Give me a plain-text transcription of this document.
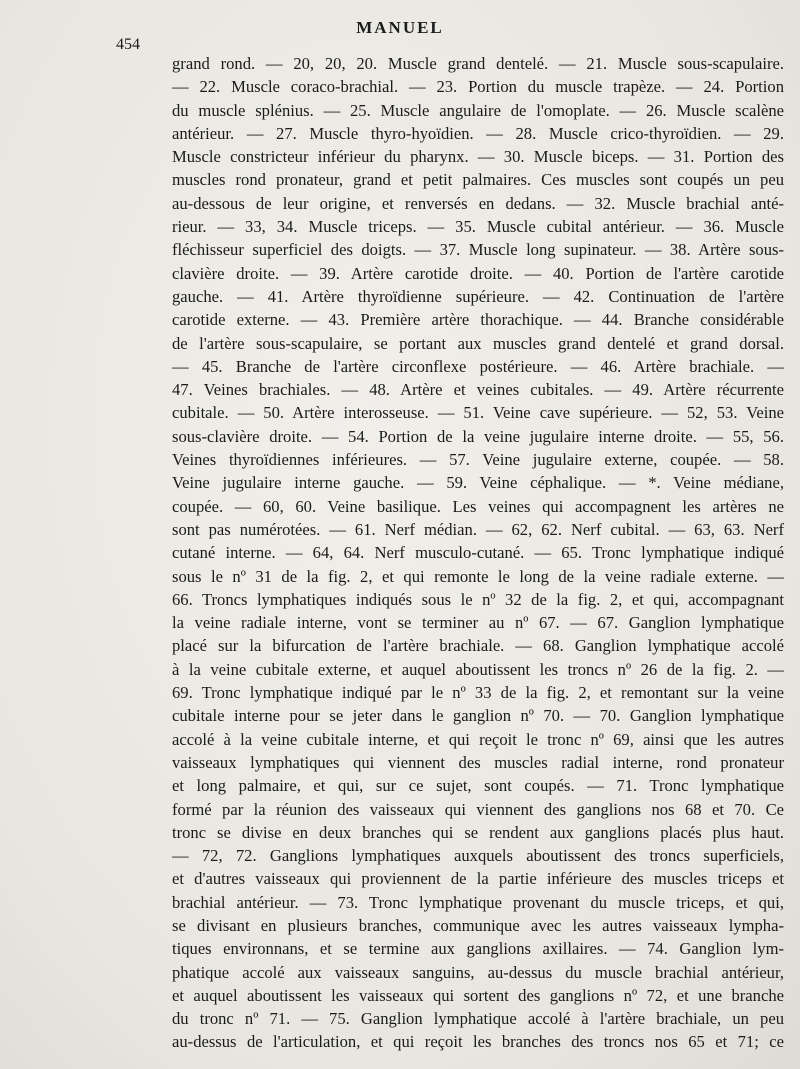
MANUEL
454
grand rond. — 20, 20, 20. Muscle grand dentelé. — 21. Muscle sous-scapulaire.
— 22. Muscle coraco-brachial. — 23. Portion du muscle trapèze. — 24. Portion
du muscle splénius. — 25. Muscle angulaire de l'omoplate. — 26. Muscle scalène
antérieur. — 27. Muscle thyro-hyoïdien. — 28. Muscle crico-thyroïdien. — 29.
Muscle constricteur inférieur du pharynx. — 30. Muscle biceps. — 31. Portion des
muscles rond pronateur, grand et petit palmaires. Ces muscles sont coupés un peu
au-dessous de leur origine, et renversés en dedans. — 32. Muscle brachial anté-
rieur. — 33, 34. Muscle triceps. — 35. Muscle cubital antérieur. — 36. Muscle
fléchisseur superficiel des doigts. — 37. Muscle long supinateur. — 38. Artère sous-
clavière droite. — 39. Artère carotide droite. — 40. Portion de l'artère carotide
gauche. — 41. Artère thyroïdienne supérieure. — 42. Continuation de l'artère
carotide externe. — 43. Première artère thorachique. — 44. Branche considérable
de l'artère sous-scapulaire, se portant aux muscles grand dentelé et grand dorsal.
— 45. Branche de l'artère circonflexe postérieure. — 46. Artère brachiale. —
47. Veines brachiales. — 48. Artère et veines cubitales. — 49. Artère récurrente
cubitale. — 50. Artère interosseuse. — 51. Veine cave supérieure. — 52, 53. Veine
sous-clavière droite. — 54. Portion de la veine jugulaire interne droite. — 55, 56.
Veines thyroïdiennes inférieures. — 57. Veine jugulaire externe, coupée. — 58.
Veine jugulaire interne gauche. — 59. Veine céphalique. — *. Veine médiane,
coupée. — 60, 60. Veine basilique. Les veines qui accompagnent les artères ne
sont pas numérotées. — 61. Nerf médian. — 62, 62. Nerf cubital. — 63, 63. Nerf
cutané interne. — 64, 64. Nerf musculo-cutané. — 65. Tronc lymphatique indiqué
sous le nº 31 de la fig. 2, et qui remonte le long de la veine radiale externe. —
66. Troncs lymphatiques indiqués sous le nº 32 de la fig. 2, et qui, accompagnant
la veine radiale interne, vont se terminer au nº 67. — 67. Ganglion lymphatique
placé sur la bifurcation de l'artère brachiale. — 68. Ganglion lymphatique accolé
à la veine cubitale externe, et auquel aboutissent les troncs nº 26 de la fig. 2. —
69. Tronc lymphatique indiqué par le nº 33 de la fig. 2, et remontant sur la veine
cubitale interne pour se jeter dans le ganglion nº 70. — 70. Ganglion lymphatique
accolé à la veine cubitale interne, et qui reçoit le tronc nº 69, ainsi que les autres
vaisseaux lymphatiques qui viennent des muscles radial interne, rond pronateur
et long palmaire, et qui, sur ce sujet, sont coupés. — 71. Tronc lymphatique
formé par la réunion des vaisseaux qui viennent des ganglions nos 68 et 70. Ce
tronc se divise en deux branches qui se rendent aux ganglions placés plus haut.
— 72, 72. Ganglions lymphatiques auxquels aboutissent des troncs superficiels,
et d'autres vaisseaux qui proviennent de la partie inférieure des muscles triceps et
brachial antérieur. — 73. Tronc lymphatique provenant du muscle triceps, et qui,
se divisant en plusieurs branches, communique avec les autres vaisseaux lympha-
tiques environnans, et se termine aux ganglions axillaires. — 74. Ganglion lym-
phatique accolé aux vaisseaux sanguins, au-dessus du muscle brachial antérieur,
et auquel aboutissent les vaisseaux qui sortent des ganglions nº 72, et une branche
du tronc nº 71. — 75. Ganglion lymphatique accolé à l'artère brachiale, un peu
au-dessus de l'articulation, et qui reçoit les branches des troncs nos 65 et 71; ce
